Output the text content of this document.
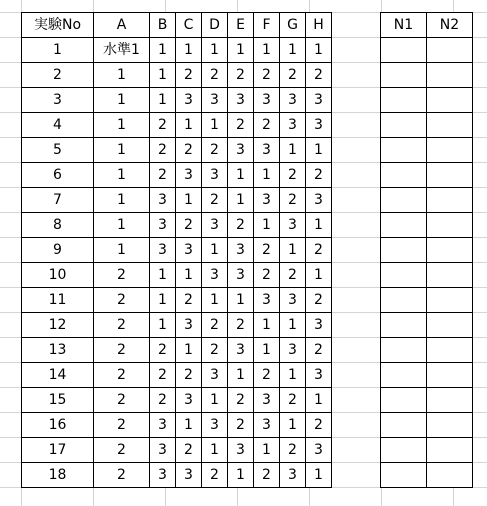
実験No	A	B	C	D	E	F	G	H
1	水準1	1	1	1	1	1	1	1
2	1	1	2	2	2	2	2	2
3	1	1	3	3	3	3	3	3
4	1	2	1	1	2	2	3	3
5	1	2	2	2	3	3	1	1
6	1	2	3	3	1	1	2	2
7	1	3	1	2	1	3	2	3
8	1	3	2	3	2	1	3	1
9	1	3	3	1	3	2	1	2
10	2	1	1	3	3	2	2	1
11	2	1	2	1	1	3	3	2
12	2	1	3	2	2	1	1	3
13	2	2	1	2	3	1	3	2
14	2	2	2	3	1	2	1	3
15	2	2	3	1	2	3	2	1
16	2	3	1	3	2	3	1	2
17	2	3	2	1	3	1	2	3
18	2	3	3	2	1	2	3	1
N1	N2
